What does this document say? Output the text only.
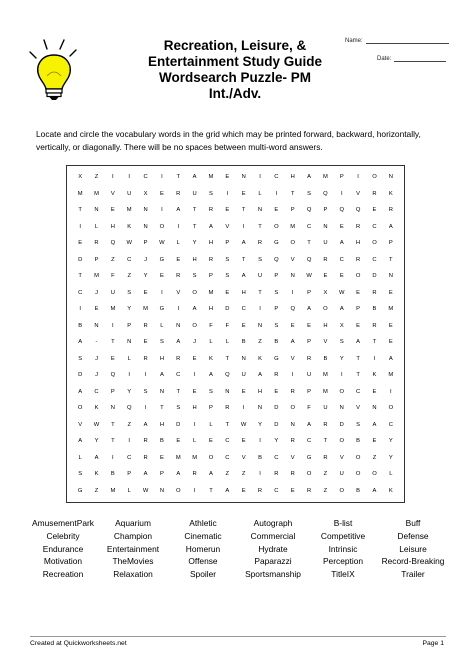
Recreation, Leisure, &
Entertainment Study Guide
Wordsearch Puzzle- PM
Int./Adv.
Name:
Date:
Locate and circle the vocabulary words in the grid which may be printed forward, backward, horizontally, vertically, or diagonally. There will be no spaces between multi-word answers.
X	Z	I	I	C	I	T	A	M	E	N	I	C	H	A	M	P	I	O	N
M	M	V	U	X	E	R	U	S	I	E	L	I	T	S	Q	I	V	R	K
T	N	E	M	N	I	A	T	R	E	T	N	E	P	Q	P	Q	Q	E	R
I	L	H	K	N	O	I	T	A	V	I	T	O	M	C	N	E	R	C	A
E	R	Q	W	P	W	L	Y	H	P	A	R	G	O	T	U	A	H	O	P
D	P	Z	C	J	G	E	H	R	S	T	S	Q	V	Q	R	C	R	C	T
T	M	F	Z	Y	E	R	S	P	S	A	U	P	N	W	E	E	O	D	N
C	J	U	S	E	I	V	O	M	E	H	T	S	I	P	X	W	E	R	E
I	E	M	Y	M	G	I	A	H	D	C	I	P	Q	A	O	A	P	B	M
B	N	I	P	R	L	N	O	F	F	E	N	S	E	E	H	X	E	R	E
A	-	T	N	E	S	A	J	L	L	B	Z	B	A	P	V	S	A	T	E
S	J	E	L	R	H	R	E	K	T	N	K	G	V	R	B	Y	T	I	A
D	J	Q	I	I	A	C	I	A	Q	U	A	R	I	U	M	I	T	K	M
A	C	P	Y	S	N	T	E	S	N	E	H	E	R	P	M	O	C	E	I
O	K	N	Q	I	T	S	H	P	R	I	N	D	O	F	U	N	V	N	O
V	W	T	Z	A	H	D	I	L	T	W	Y	D	N	A	R	D	S	A	C
A	Y	T	I	R	B	E	L	E	C	E	I	Y	R	C	T	O	B	E	Y
L	A	I	C	R	E	M	M	O	C	V	B	C	V	G	R	V	O	Z	Y
S	K	B	P	A	P	A	R	A	Z	Z	I	R	R	O	Z	U	O	O	L
G	Z	M	L	W	N	O	I	T	A	E	R	C	E	R	Z	O	B	A	K
AmusementPark	Aquarium	Athletic	Autograph	B-list	Buff
Celebrity	Champion	Cinematic	Commercial	Competitive	Defense
Endurance	Entertainment	Homerun	Hydrate	Intrinsic	Leisure
Motivation	TheMovies	Offense	Paparazzi	Perception	Record-Breaking
Recreation	Relaxation	Spoiler	Sportsmanship	TitleIX	Trailer
Created at Quickworksheets.net	Page 1
